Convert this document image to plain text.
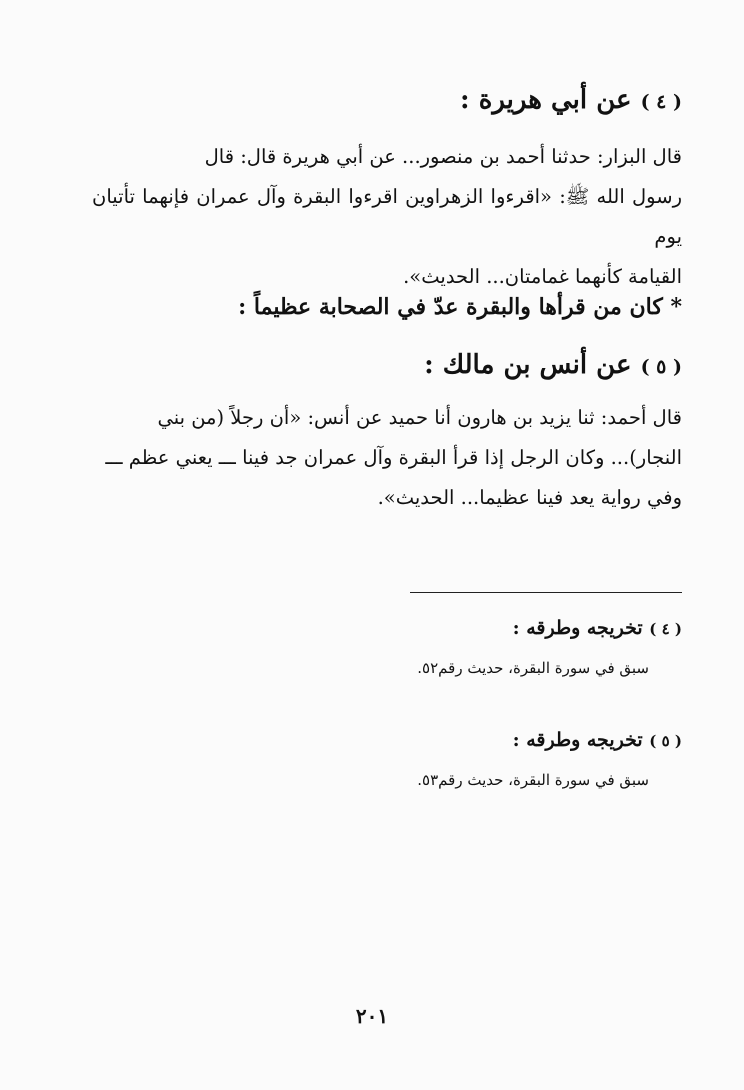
( ٤ ) عن أبي هريرة :

قال البزار: حدثنا أحمد بن منصور... عن أبي هريرة قال: قال

رسول الله ﷺ: «اقرءوا الزهراوين اقرءوا البقرة وآل عمران فإنهما تأتيان يوم

القيامة كأنهما غمامتان... الحديث».

* كان من قرأها والبقرة عدّ في الصحابة عظيماً :
( ٥ ) عن أنس بن مالك :

قال أحمد: ثنا يزيد بن هارون أنا حميد عن أنس: «أن رجلاً (من بني

النجار)... وكان الرجل إذا قرأ البقرة وآل عمران جد فينا ـــ يعني عظم ـــ

وفي رواية يعد فينا عظيما... الحديث».

( ٤ ) تخريجه وطرقه :
سبق في سورة البقرة، حديث رقم٥٢.
( ٥ ) تخريجه وطرقه :
سبق في سورة البقرة، حديث رقم٥٣.
٢٠١
